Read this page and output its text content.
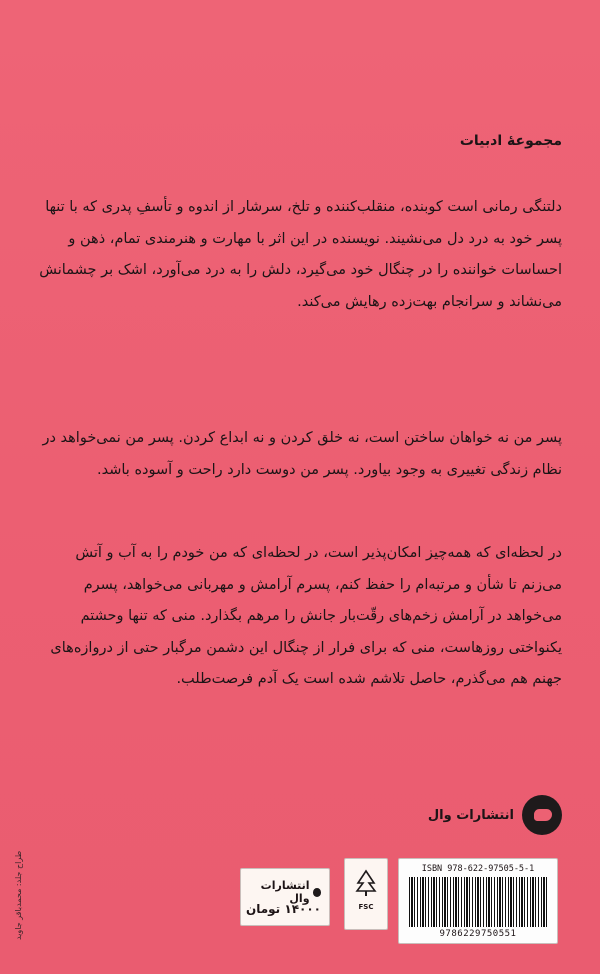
مجموعهٔ ادبیات

دلتنگی رمانی است کوبنده، منقلب‌کننده و تلخ، سرشار از اندوه و تأسفِ پدری که با تنها پسر خود به درد دل می‌نشیند. نویسنده در این اثر با مهارت و هنرمندی تمام، ذهن و احساسات خواننده را در چنگال خود می‌گیرد، دلش را به درد می‌آورد، اشک بر چشمانش می‌نشاند و سرانجام بهت‌زده رهایش می‌کند.

پسر من نه خواهان ساختن است، نه خلق کردن و نه ابداع کردن. پسر من نمی‌خواهد در نظام زندگی تغییری به وجود بیاورد. پسر من دوست دارد راحت و آسوده باشد.

در لحظه‌ای که همه‌چیز امکان‌پذیر است، در لحظه‌ای که من خودم را به آب و آتش می‌زنم تا شأن و مرتبه‌ام را حفظ کنم، پسرم آرامش و مهربانی می‌خواهد، پسرم می‌خواهد در آرامش زخم‌های رقّت‌بار جانش را مرهم بگذارد. منی که تنها وحشتم یکنواختی روزهاست، منی که برای فرار از چنگال این دشمن مرگبار حتی از دروازه‌های جهنم هم می‌گذرم، حاصل تلاشم شده است یک آدم فرصت‌طلب.

انتشارات وال
طراح جلد: محمدباقر جاوید	انتشارات وال
۱۴۰۰۰ تومان	FSC
ISBN 978-622-97505-5-1
9786229750551
